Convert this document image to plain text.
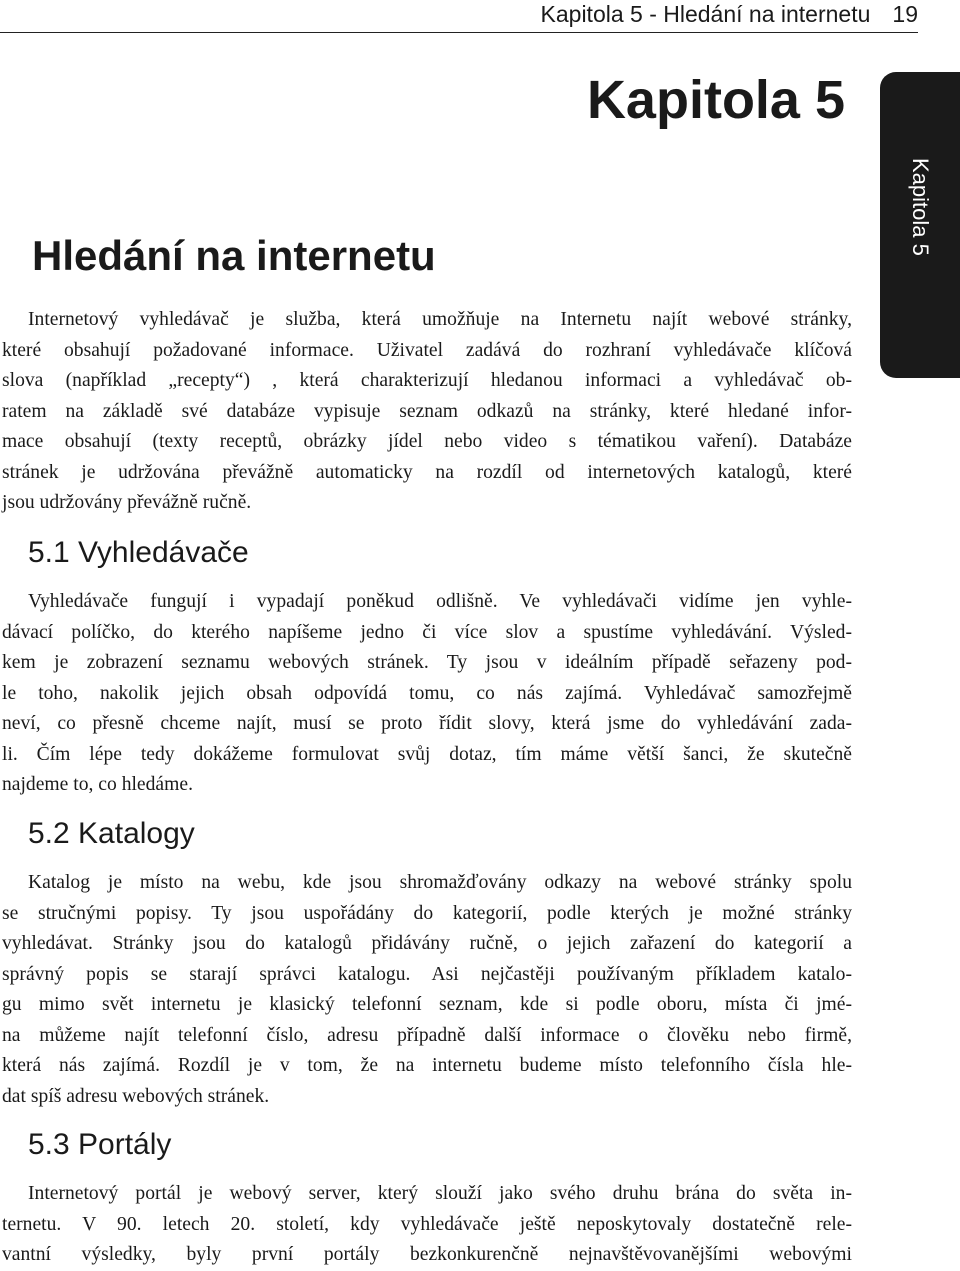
Kapitola 5 - Hledání na internetu 19
Kapitola 5
Kapitola 5
Hledání na internetu
Internetový vyhledávač je služba, která umožňuje na Internetu najít webové stránky,
které obsahují požadované informace. Uživatel zadává do rozhraní vyhledávače klíčová
slova (například „recepty“) , která charakterizují hledanou informaci a vyhledávač ob-
ratem na základě své databáze vypisuje seznam odkazů na stránky, které hledané infor-
mace obsahují (texty receptů, obrázky jídel nebo video s tématikou vaření). Databáze
stránek je udržována převážně automaticky na rozdíl od internetových katalogů, které
jsou udržovány převážně ručně.
5.1 Vyhledávače
Vyhledávače fungují i vypadají poněkud odlišně. Ve vyhledávači vidíme jen vyhle-
dávací políčko, do kterého napíšeme jedno či více slov a spustíme vyhledávání. Výsled-
kem je zobrazení seznamu webových stránek. Ty jsou v ideálním případě seřazeny pod-
le toho, nakolik jejich obsah odpovídá tomu, co nás zajímá. Vyhledávač samozřejmě
neví, co přesně chceme najít, musí se proto řídit slovy, která jsme do vyhledávání zada-
li. Čím lépe tedy dokážeme formulovat svůj dotaz, tím máme větší šanci, že skutečně
najdeme to, co hledáme.
5.2 Katalogy
Katalog je místo na webu, kde jsou shromažďovány odkazy na webové stránky spolu
se stručnými popisy. Ty jsou uspořádány do kategorií, podle kterých je možné stránky
vyhledávat. Stránky jsou do katalogů přidávány ručně, o jejich zařazení do kategorií a
správný popis se starají správci katalogu. Asi nejčastěji používaným příkladem katalo-
gu mimo svět internetu je klasický telefonní seznam, kde si podle oboru, místa či jmé-
na můžeme najít telefonní číslo, adresu případně další informace o člověku nebo firmě,
která nás zajímá. Rozdíl je v tom, že na internetu budeme místo telefonního čísla hle-
dat spíš adresu webových stránek.
5.3 Portály
Internetový portál je webový server, který slouží jako svého druhu brána do světa in-
ternetu. V 90. letech 20. století, kdy vyhledávače ještě neposkytovaly dostatečně rele-
vantní výsledky, byly první portály bezkonkurenčně nejnavštěvovanějšími webovými
